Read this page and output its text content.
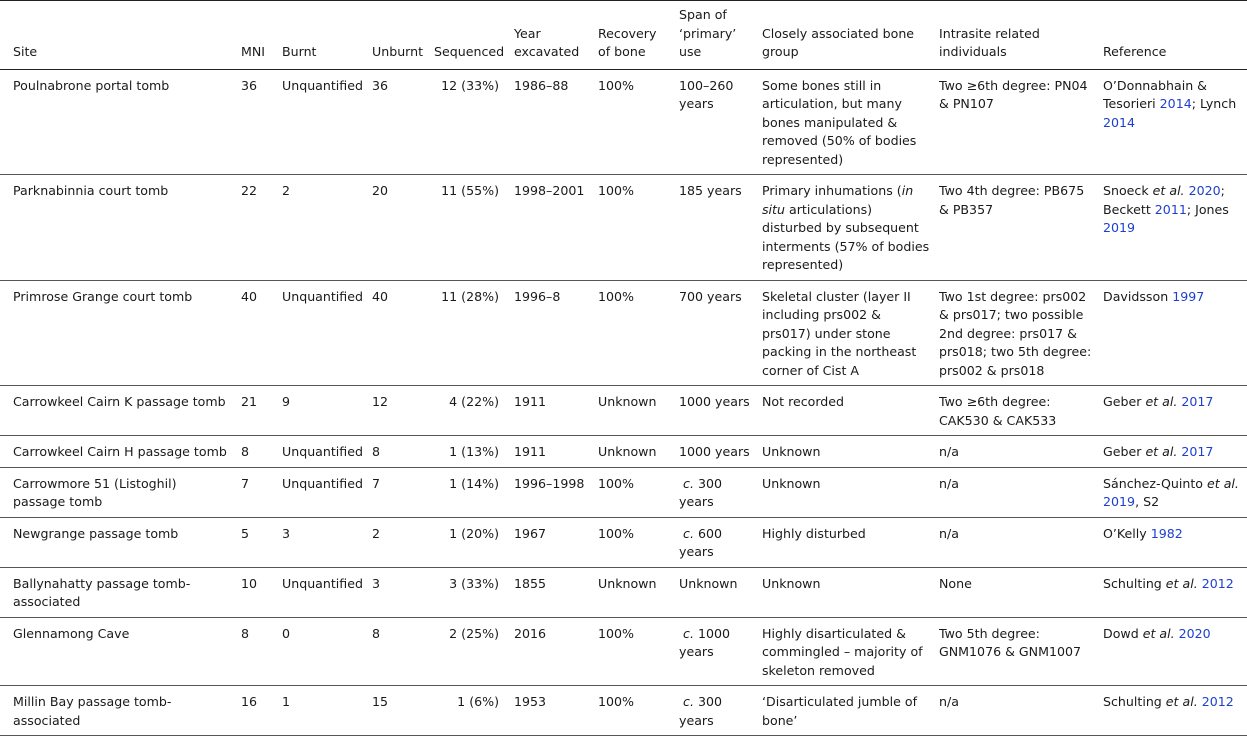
Site	MNI	Burnt	Unburnt	Sequenced	Year excavated	Recovery of bone	Span of ‘primary’ use	Closely associated bone group	Intrasite related individuals	Reference
Poulnabrone portal tomb	36	Unquantified	36	12 (33%)	1986–88	100%	100–260 years	Some bones still in articulation, but many bones manipulated & removed (50% of bodies represented)	Two ≥6th degree: PN04 & PN107	O’Donnabhain & Tesorieri 2014; Lynch 2014
Parknabinnia court tomb	22	2	20	11 (55%)	1998–2001	100%	185 years	Primary inhumations (in situ articulations) disturbed by subsequent interments (57% of bodies represented)	Two 4th degree: PB675 & PB357	Snoeck et al. 2020; Beckett 2011; Jones 2019
Primrose Grange court tomb	40	Unquantified	40	11 (28%)	1996–8	100%	700 years	Skeletal cluster (layer II including prs002 & prs017) under stone packing in the northeast corner of Cist A	Two 1st degree: prs002 & prs017; two possible 2nd degree: prs017 & prs018; two 5th degree: prs002 & prs018	Davidsson 1997
Carrowkeel Cairn K passage tomb	21	9	12	4 (22%)	1911	Unknown	1000 years	Not recorded	Two ≥6th degree: CAK530 & CAK533	Geber et al. 2017
Carrowkeel Cairn H passage tomb	8	Unquantified	8	1 (13%)	1911	Unknown	1000 years	Unknown	n/a	Geber et al. 2017
Carrowmore 51 (Listoghil) passage tomb	7	Unquantified	7	1 (14%)	1996–1998	100%	c. 300 years	Unknown	n/a	Sánchez-Quinto et al. 2019, S2
Newgrange passage tomb	5	3	2	1 (20%)	1967	100%	c. 600 years	Highly disturbed	n/a	O’Kelly 1982
Ballynahatty passage tomb-associated	10	Unquantified	3	3 (33%)	1855	Unknown	Unknown	Unknown	None	Schulting et al. 2012
Glennamong Cave	8	0	8	2 (25%)	2016	100%	c. 1000 years	Highly disarticulated & commingled – majority of skeleton removed	Two 5th degree: GNM1076 & GNM1007	Dowd et al. 2020
Millin Bay passage tomb-associated	16	1	15	1 (6%)	1953	100%	c. 300 years	‘Disarticulated jumble of bone’	n/a	Schulting et al. 2012
